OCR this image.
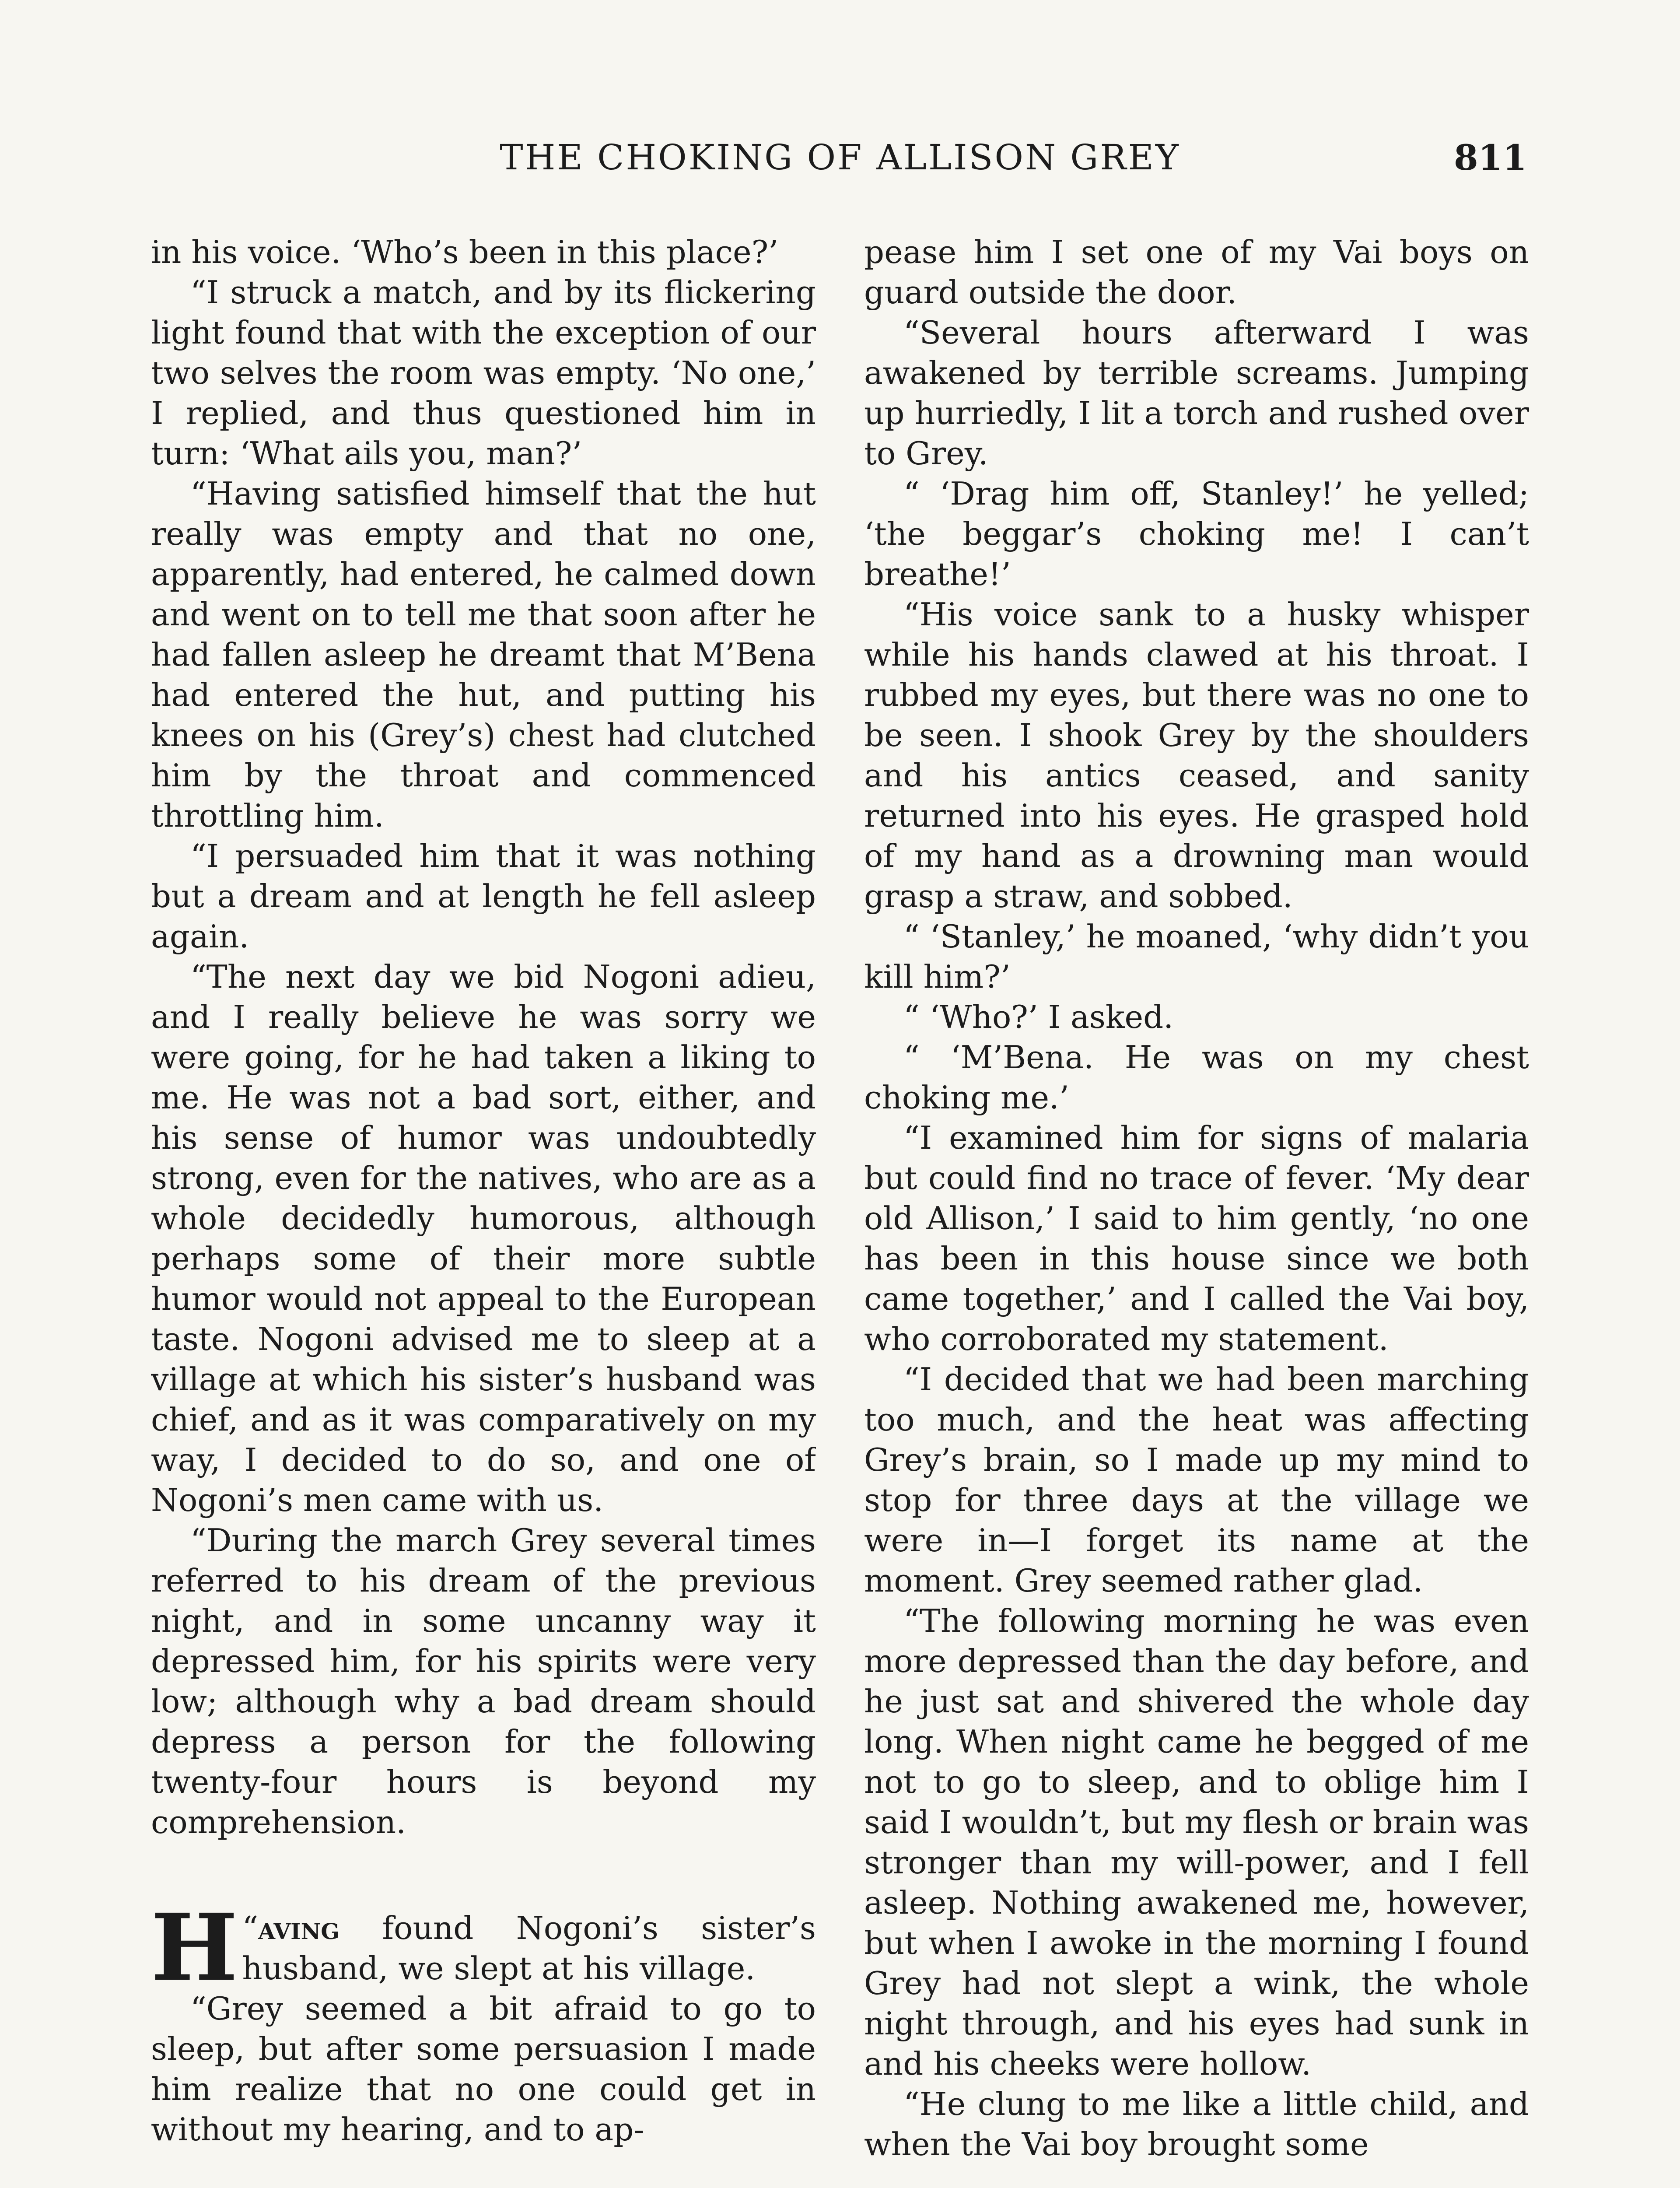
THE CHOKING OF ALLISON GREY	811

in his voice. ‘Who’s been in this place?’

“I struck a match, and by its flickering light found that with the exception of our two selves the room was empty. ‘No one,’ I replied, and thus questioned him in turn: ‘What ails you, man?’

“Having satisfied himself that the hut really was empty and that no one, apparently, had entered, he calmed down and went on to tell me that soon after he had fallen asleep he dreamt that M’Bena had entered the hut, and putting his knees on his (Grey’s) chest had clutched him by the throat and commenced throttling him.

“I persuaded him that it was nothing but a dream and at length he fell asleep again.

“The next day we bid Nogoni adieu, and I really believe he was sorry we were going, for he had taken a liking to me. He was not a bad sort, either, and his sense of humor was undoubtedly strong, even for the natives, who are as a whole decidedly humorous, although perhaps some of their more subtle humor would not appeal to the European taste. Nogoni advised me to sleep at a village at which his sister’s husband was chief, and as it was comparatively on my way, I decided to do so, and one of Nogoni’s men came with us.

“During the march Grey several times referred to his dream of the previous night, and in some uncanny way it depressed him, for his spirits were very low; although why a bad dream should depress a person for the following twenty-four hours is beyond my comprehension.

“
H aving found Nogoni’s sister’s husband, we slept at his village.

“Grey seemed a bit afraid to go to sleep, but after some persuasion I made him realize that no one could get in without my hearing, and to ap-

pease him I set one of my Vai boys on guard outside the door.

“Several hours afterward I was awakened by terrible screams. Jumping up hurriedly, I lit a torch and rushed over to Grey.

“ ‘Drag him off, Stanley!’ he yelled; ‘the beggar’s choking me! I can’t breathe!’

“His voice sank to a husky whisper while his hands clawed at his throat. I rubbed my eyes, but there was no one to be seen. I shook Grey by the shoulders and his antics ceased, and sanity returned into his eyes. He grasped hold of my hand as a drowning man would grasp a straw, and sobbed.

“ ‘Stanley,’ he moaned, ‘why didn’t you kill him?’

“ ‘Who?’ I asked.

“ ‘M’Bena. He was on my chest choking me.’

“I examined him for signs of malaria but could find no trace of fever. ‘My dear old Allison,’ I said to him gently, ‘no one has been in this house since we both came together,’ and I called the Vai boy, who corroborated my statement.

“I decided that we had been marching too much, and the heat was affecting Grey’s brain, so I made up my mind to stop for three days at the village we were in—I forget its name at the moment. Grey seemed rather glad.

“The following morning he was even more depressed than the day before, and he just sat and shivered the whole day long. When night came he begged of me not to go to sleep, and to oblige him I said I wouldn’t, but my flesh or brain was stronger than my will-power, and I fell asleep. Nothing awakened me, however, but when I awoke in the morning I found Grey had not slept a wink, the whole night through, and his eyes had sunk in and his cheeks were hollow.

“He clung to me like a little child, and when the Vai boy brought some
